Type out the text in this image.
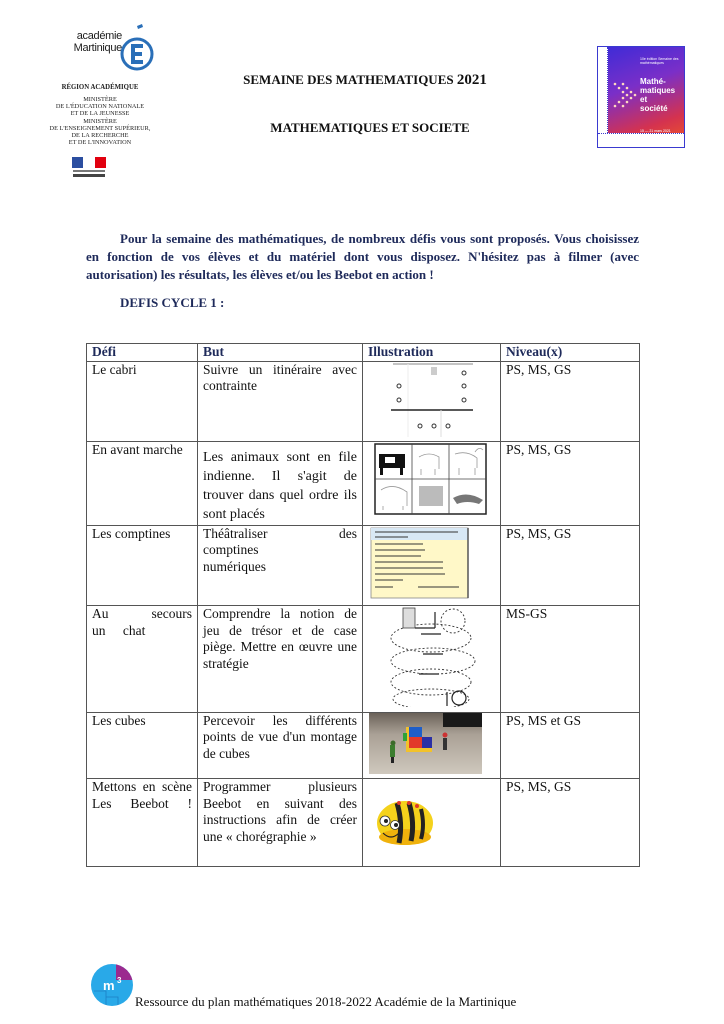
académie
Martinique
RÉGION ACADÉMIQUE
MINISTÈRE
DE L'ÉDUCATION NATIONALE
ET DE LA JEUNESSE
MINISTÈRE
DE L'ENSEIGNEMENT SUPÉRIEUR,
DE LA RECHERCHE
ET DE L'INNOVATION
SEMAINE DES MATHEMATIQUES 2021
MATHEMATIQUES ET SOCIETE
10e édition Semaine des mathématiques
Mathé-
matiques
et
société
15 — 21 mars 2021

Pour la semaine des mathématiques, de nombreux défis vous sont proposés. Vous choisissez en fonction de vos élèves et du matériel dont vous disposez. N'hésitez pas à filmer (avec autorisation) les résultats, les élèves et/ou les Beebot en action !

DEFIS CYCLE 1 :
Défi	But	Illustration	Niveau(x)
Le cabri	Suivre un itinéraire avec contrainte		PS, MS, GS
En avant marche	Les animaux sont en file indienne. Il s'agit de trouver dans quel ordre ils sont placés		PS, MS, GS
Les comptines	Théâtraliser des comptines numériques		PS, MS, GS
Au secours un chat	Comprendre la notion de jeu de trésor et de case piège. Mettre en œuvre une stratégie		MS-GS
Les cubes	Percevoir les différents points de vue d'un montage de cubes		PS, MS et GS
Mettons en scène Les Beebot !	Programmer plusieurs Beebot en suivant des instructions afin de créer une « chorégraphie »		PS, MS, GS
m 3
Ressource du plan mathématiques 2018-2022 Académie de la Martinique
